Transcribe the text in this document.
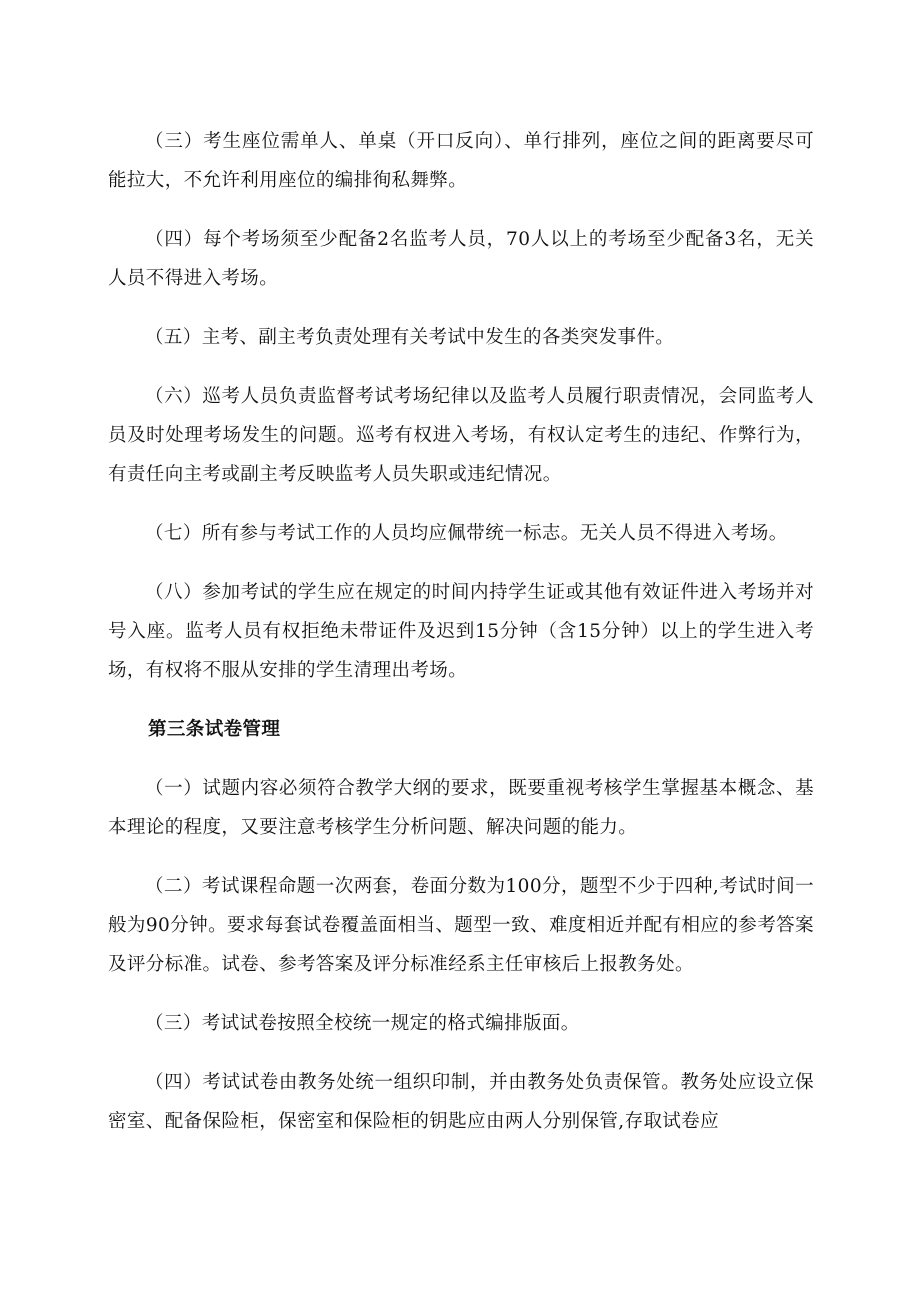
（三）考生座位需单人、单桌（开口反向）、单行排列，座位之间的距离要尽可能拉大，不允许利用座位的编排徇私舞弊。

（四）每个考场须至少配备2名监考人员，70人以上的考场至少配备3名，无关人员不得进入考场。

（五）主考、副主考负责处理有关考试中发生的各类突发事件。

（六）巡考人员负责监督考试考场纪律以及监考人员履行职责情况，会同监考人员及时处理考场发生的问题。巡考有权进入考场，有权认定考生的违纪、作弊行为，有责任向主考或副主考反映监考人员失职或违纪情况。

（七）所有参与考试工作的人员均应佩带统一标志。无关人员不得进入考场。

（八）参加考试的学生应在规定的时间内持学生证或其他有效证件进入考场并对号入座。监考人员有权拒绝未带证件及迟到15分钟（含15分钟）以上的学生进入考场，有权将不服从安排的学生清理出考场。

第三条试卷管理

（一）试题内容必须符合教学大纲的要求，既要重视考核学生掌握基本概念、基本理论的程度，又要注意考核学生分析问题、解决问题的能力。

（二）考试课程命题一次两套，卷面分数为100分，题型不少于四种,考试时间一般为90分钟。要求每套试卷覆盖面相当、题型一致、难度相近并配有相应的参考答案及评分标准。试卷、参考答案及评分标准经系主任审核后上报教务处。

（三）考试试卷按照全校统一规定的格式编排版面。

（四）考试试卷由教务处统一组织印制，并由教务处负责保管。教务处应设立保密室、配备保险柜，保密室和保险柜的钥匙应由两人分别保管,存取试卷应
